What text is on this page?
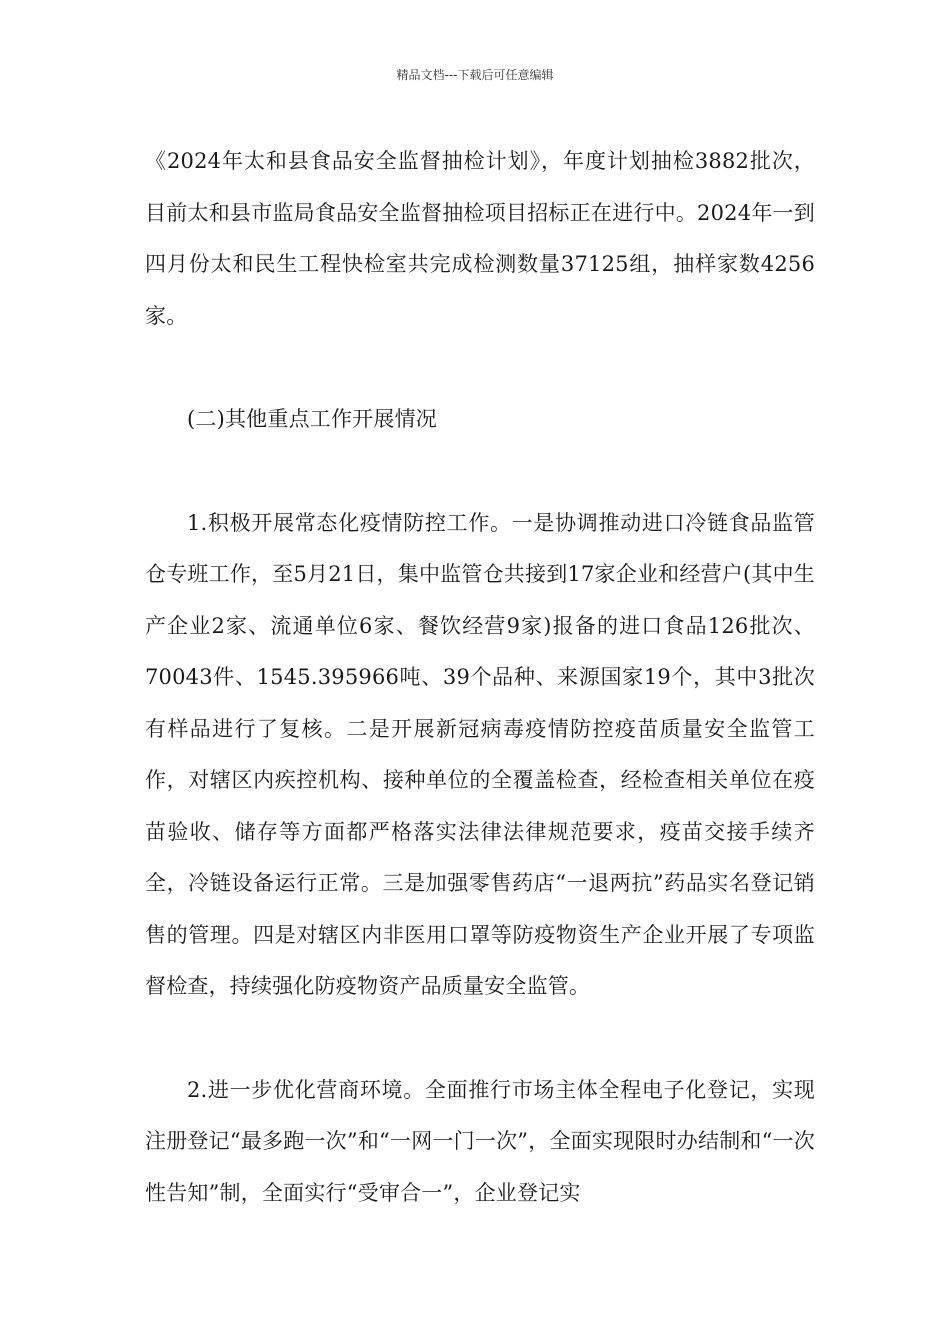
精品文档---下载后可任意编辑

《2024年太和县食品安全监督抽检计划》，年度计划抽检3882批次，目前太和县市监局食品安全监督抽检项目招标正在进行中。2024年一到四月份太和民生工程快检室共完成检测数量37125组，抽样家数4256家。

(二)其他重点工作开展情况

1.积极开展常态化疫情防控工作。一是协调推动进口冷链食品监管仓专班工作，至5月21日，集中监管仓共接到17家企业和经营户(其中生产企业2家、流通单位6家、餐饮经营9家)报备的进口食品126批次、70043件、1545.395966吨、39个品种、来源国家19个，其中3批次有样品进行了复核。二是开展新冠病毒疫情防控疫苗质量安全监管工作，对辖区内疾控机构、接种单位的全覆盖检查，经检查相关单位在疫苗验收、储存等方面都严格落实法律法律规范要求，疫苗交接手续齐全，冷链设备运行正常。三是加强零售药店“一退两抗”药品实名登记销售的管理。四是对辖区内非医用口罩等防疫物资生产企业开展了专项监督检查，持续强化防疫物资产品质量安全监管。

2.进一步优化营商环境。全面推行市场主体全程电子化登记，实现注册登记“最多跑一次”和“一网一门一次”，全面实现限时办结制和“一次性告知”制，全面实行“受审合一”，企业登记实
